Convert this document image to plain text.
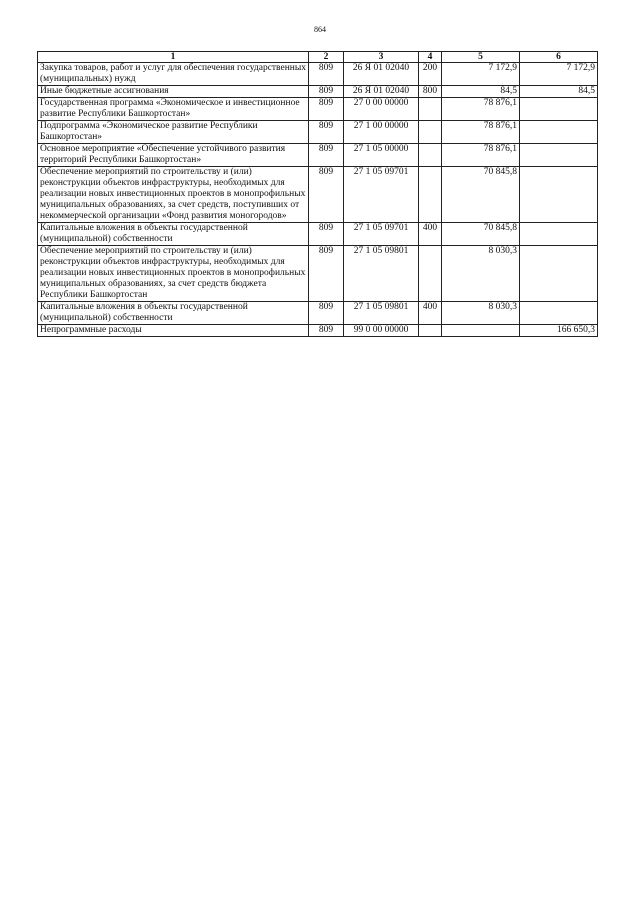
864
1	2	3	4	5	6
Закупка товаров, работ и услуг для обеспечения государственных (муниципальных) нужд	809	26 Я 01 02040	200	7 172,9	7 172,9
Иные бюджетные ассигнования	809	26 Я 01 02040	800	84,5	84,5
Государственная программа «Экономическое и инвестиционное развитие Республики Башкортостан»	809	27 0 00 00000		78 876,1	
Подпрограмма «Экономическое развитие Республики Башкортостан»	809	27 1 00 00000		78 876,1	
Основное мероприятие «Обеспечение устойчивого развития территорий Республики Башкортостан»	809	27 1 05 00000		78 876,1	
Обеспечение мероприятий по строительству и (или) реконструкции объектов инфраструктуры, необходимых для реализации новых инвестиционных проектов в монопрофильных муниципальных образованиях, за счет средств, поступивших от некоммерческой организации «Фонд развития моногородов»	809	27 1 05 09701		70 845,8	
Капитальные вложения в объекты государственной (муниципальной) собственности	809	27 1 05 09701	400	70 845,8	
Обеспечение мероприятий по строительству и (или) реконструкции объектов инфраструктуры, необходимых для реализации новых инвестиционных проектов в монопрофильных муниципальных образованиях, за счет средств бюджета Республики Башкортостан	809	27 1 05 09801		8 030,3	
Капитальные вложения в объекты государственной (муниципальной) собственности	809	27 1 05 09801	400	8 030,3	
Непрограммные расходы	809	99 0 00 00000			166 650,3
